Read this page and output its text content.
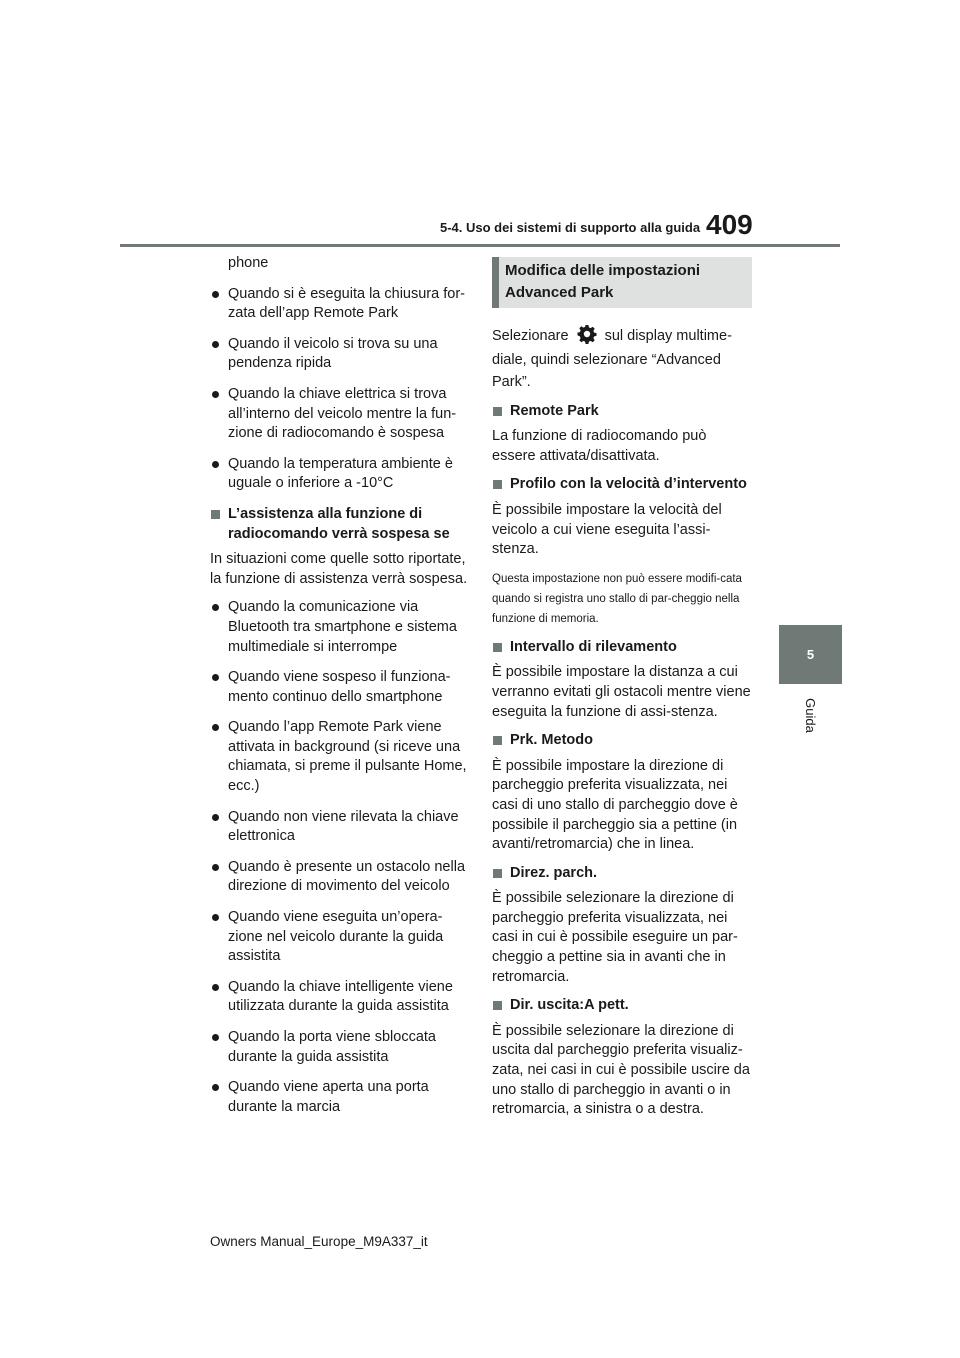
5-4. Uso dei sistemi di supporto alla guida 409
5
Guida
phone
Quando si è eseguita la chiusura for-zata dell’app Remote Park
Quando il veicolo si trova su una pendenza ripida
Quando la chiave elettrica si trova all’interno del veicolo mentre la fun-zione di radiocomando è sospesa
Quando la temperatura ambiente è uguale o inferiore a -10°C
L’assistenza alla funzione di radiocomando verrà sospesa se
In situazioni come quelle sotto riportate, la funzione di assistenza verrà sospesa.
Quando la comunicazione via Bluetooth tra smartphone e sistema multimediale si interrompe
Quando viene sospeso il funziona-mento continuo dello smartphone
Quando l’app Remote Park viene attivata in background (si riceve una chiamata, si preme il pulsante Home, ecc.)
Quando non viene rilevata la chiave elettronica
Quando è presente un ostacolo nella direzione di movimento del veicolo
Quando viene eseguita un’opera-zione nel veicolo durante la guida assistita
Quando la chiave intelligente viene utilizzata durante la guida assistita
Quando la porta viene sbloccata durante la guida assistita
Quando viene aperta una porta durante la marcia
Modifica delle impostazioni Advanced Park
Selezionare sul display multime-
diale, quindi selezionare “Advanced Park”.
Remote Park
La funzione di radiocomando può essere attivata/disattivata.
Profilo con la velocità d’intervento
È possibile impostare la velocità del veicolo a cui viene eseguita l’assi-stenza.
Questa impostazione non può essere modifi-cata quando si registra uno stallo di par-cheggio nella funzione di memoria.
Intervallo di rilevamento
È possibile impostare la distanza a cui verranno evitati gli ostacoli mentre viene eseguita la funzione di assi-stenza.
Prk. Metodo
È possibile impostare la direzione di parcheggio preferita visualizzata, nei casi di uno stallo di parcheggio dove è possibile il parcheggio sia a pettine (in avanti/retromarcia) che in linea.
Direz. parch.
È possibile selezionare la direzione di parcheggio preferita visualizzata, nei casi in cui è possibile eseguire un par-cheggio a pettine sia in avanti che in retromarcia.
Dir. uscita:A pett.
È possibile selezionare la direzione di uscita dal parcheggio preferita visualiz-zata, nei casi in cui è possibile uscire da uno stallo di parcheggio in avanti o in retromarcia, a sinistra o a destra.
Owners Manual_Europe_M9A337_it
